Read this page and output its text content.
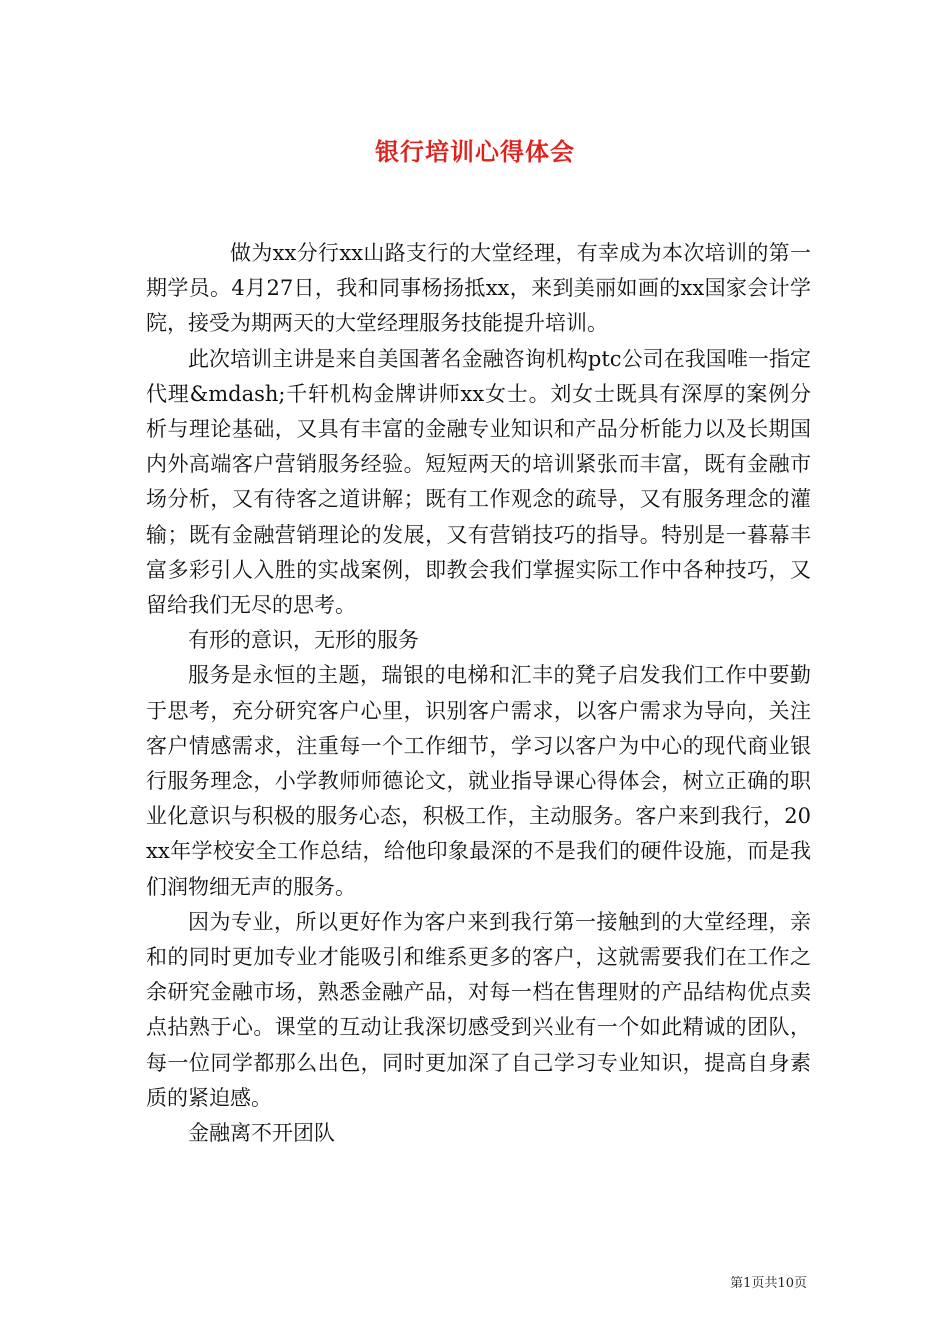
银行培训心得体会

做为xx分行xx山路支行的大堂经理，有幸成为本次培训的第一期学员。4月27日，我和同事杨扬抵xx，来到美丽如画的xx国家会计学院，接受为期两天的大堂经理服务技能提升培训。

此次培训主讲是来自美国著名金融咨询机构ptc公司在我国唯一指定代理&mdash;千轩机构金牌讲师xx女士。刘女士既具有深厚的案例分析与理论基础，又具有丰富的金融专业知识和产品分析能力以及长期国内外高端客户营销服务经验。短短两天的培训紧张而丰富，既有金融市场分析，又有待客之道讲解；既有工作观念的疏导，又有服务理念的灌输；既有金融营销理论的发展，又有营销技巧的指导。特别是一暮幕丰富多彩引人入胜的实战案例，即教会我们掌握实际工作中各种技巧，又留给我们无尽的思考。

有形的意识，无形的服务

服务是永恒的主题，瑞银的电梯和汇丰的凳子启发我们工作中要勤于思考，充分研究客户心里，识别客户需求，以客户需求为导向，关注客户情感需求，注重每一个工作细节，学习以客户为中心的现代商业银行服务理念，小学教师师德论文，就业指导课心得体会，树立正确的职业化意识与积极的服务心态，积极工作，主动服务。客户来到我行，20xx年学校安全工作总结，给他印象最深的不是我们的硬件设施，而是我们润物细无声的服务。

因为专业，所以更好作为客户来到我行第一接触到的大堂经理，亲和的同时更加专业才能吸引和维系更多的客户，这就需要我们在工作之余研究金融市场，熟悉金融产品，对每一档在售理财的产品结构优点卖点拈熟于心。课堂的互动让我深切感受到兴业有一个如此精诚的团队，每一位同学都那么出色，同时更加深了自己学习专业知识，提高自身素质的紧迫感。

金融离不开团队

第1页共10页
